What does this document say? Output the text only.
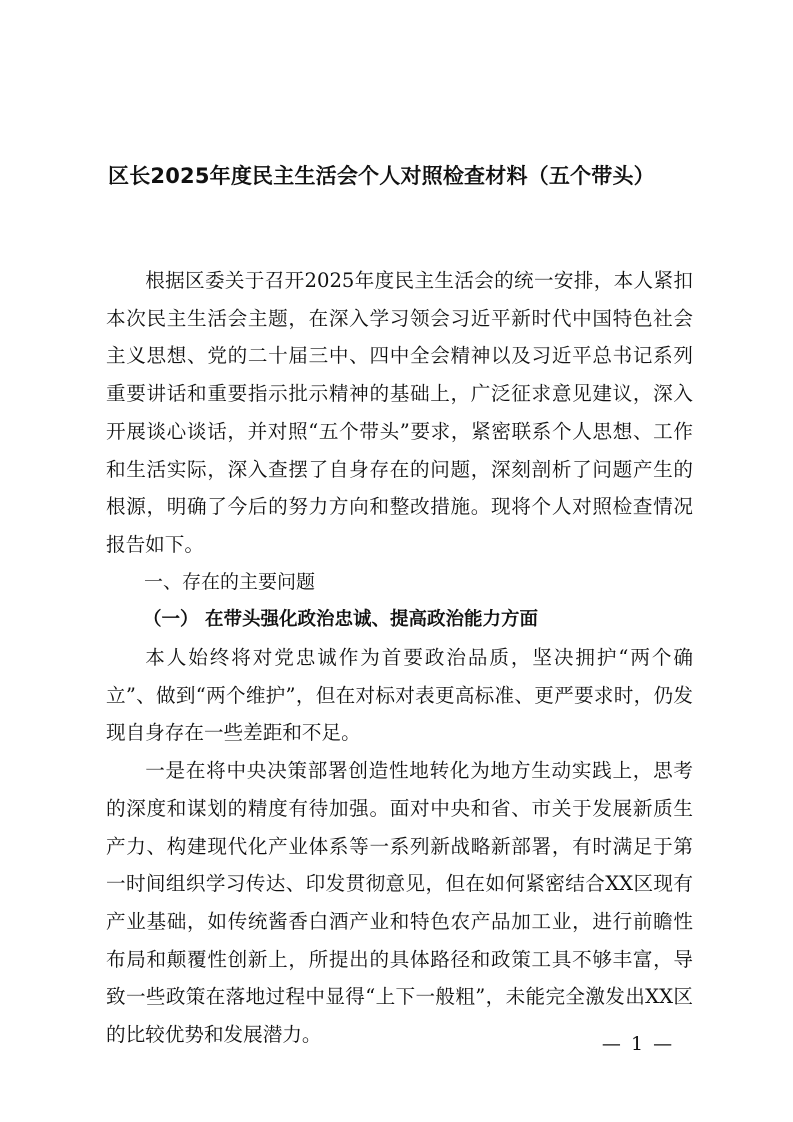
区长2025年度民主生活会个人对照检查材料（五个带头）

根据区委关于召开2025年度民主生活会的统一安排，本人紧扣本次民主生活会主题，在深入学习领会习近平新时代中国特色社会主义思想、党的二十届三中、四中全会精神以及习近平总书记系列重要讲话和重要指示批示精神的基础上，广泛征求意见建议，深入开展谈心谈话，并对照“五个带头”要求，紧密联系个人思想、工作和生活实际，深入查摆了自身存在的问题，深刻剖析了问题产生的根源，明确了今后的努力方向和整改措施。现将个人对照检查情况报告如下。

一、存在的主要问题

（一） 在带头强化政治忠诚、提高政治能力方面

本人始终将对党忠诚作为首要政治品质，坚决拥护“两个确立”、做到“两个维护”，但在对标对表更高标准、更严要求时，仍发现自身存在一些差距和不足。

一是在将中央决策部署创造性地转化为地方生动实践上，思考的深度和谋划的精度有待加强。面对中央和省、市关于发展新质生产力、构建现代化产业体系等一系列新战略新部署，有时满足于第一时间组织学习传达、印发贯彻意见，但在如何紧密结合XX区现有产业基础，如传统酱香白酒产业和特色农产品加工业，进行前瞻性布局和颠覆性创新上，所提出的具体路径和政策工具不够丰富，导致一些政策在落地过程中显得“上下一般粗”，未能完全激发出XX区的比较优势和发展潜力。	— 1 —
